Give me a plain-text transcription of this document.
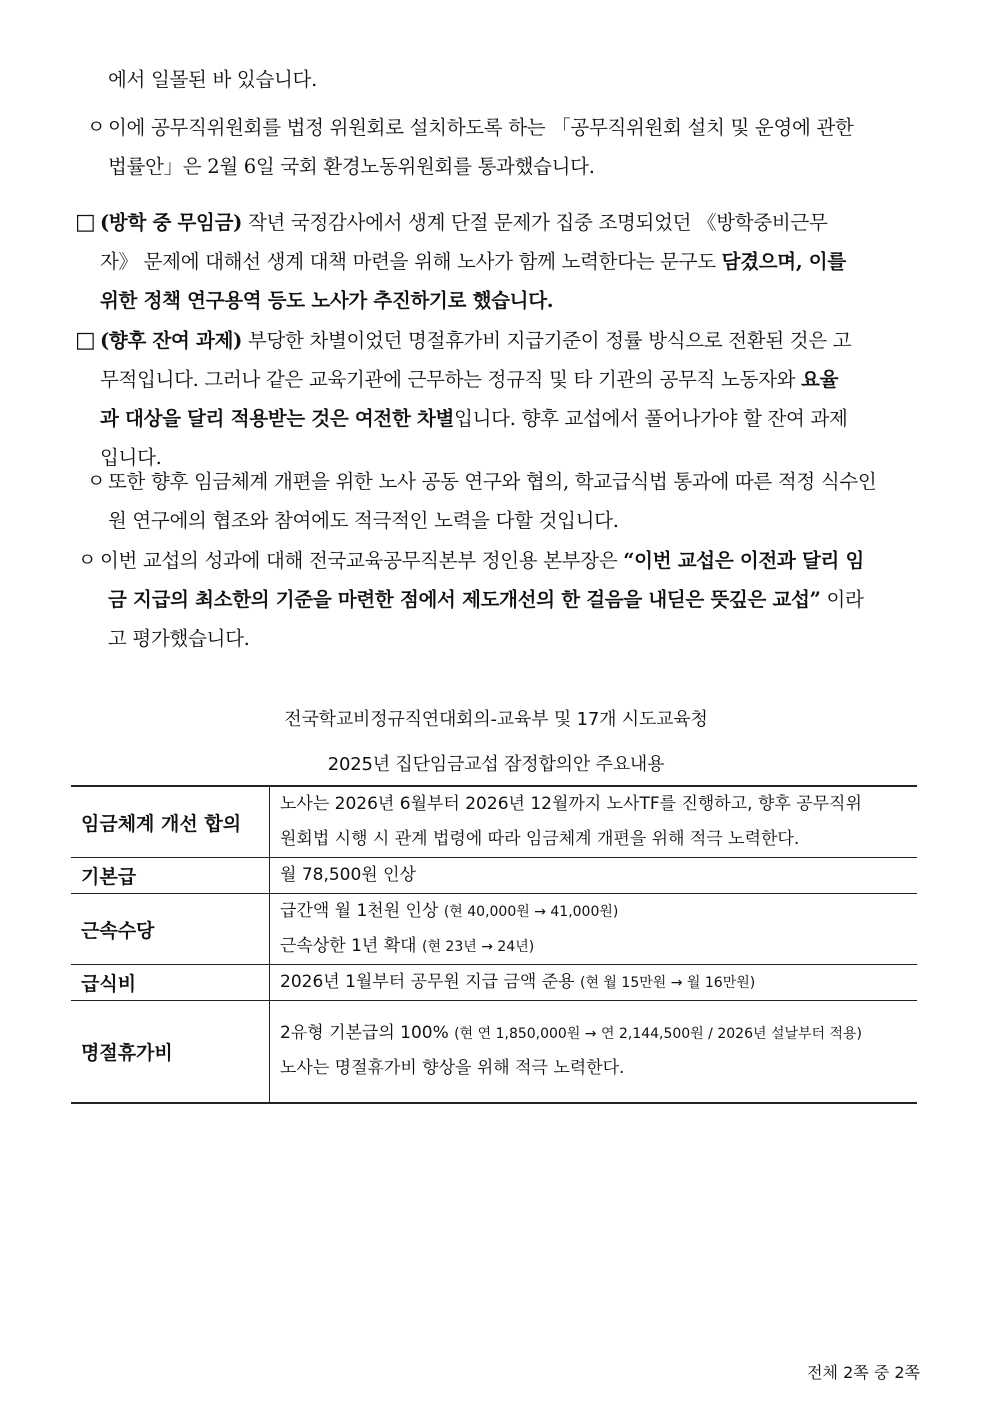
에서 일몰된 바 있습니다.
ㅇ 이에 공무직위원회를 법정 위원회로 설치하도록 하는 「공무직위원회 설치 및 운영에 관한
법률안」은 2월 6일 국회 환경노동위원회를 통과했습니다.
□ (방학 중 무임금) 작년 국정감사에서 생계 단절 문제가 집중 조명되었던 《방학중비근무
자》 문제에 대해선 생계 대책 마련을 위해 노사가 함께 노력한다는 문구도 담겼으며, 이를
위한 정책 연구용역 등도 노사가 추진하기로 했습니다.
□ (향후 잔여 과제) 부당한 차별이었던 명절휴가비 지급기준이 정률 방식으로 전환된 것은 고
무적입니다. 그러나 같은 교육기관에 근무하는 정규직 및 타 기관의 공무직 노동자와 요율
과 대상을 달리 적용받는 것은 여전한 차별입니다. 향후 교섭에서 풀어나가야 할 잔여 과제
입니다.
ㅇ 또한 향후 임금체계 개편을 위한 노사 공동 연구와 협의, 학교급식법 통과에 따른 적정 식수인
원 연구에의 협조와 참여에도 적극적인 노력을 다할 것입니다.
ㅇ 이번 교섭의 성과에 대해 전국교육공무직본부 정인용 본부장은 “이번 교섭은 이전과 달리 임
금 지급의 최소한의 기준을 마련한 점에서 제도개선의 한 걸음을 내딛은 뜻깊은 교섭” 이라
고 평가했습니다.
전국학교비정규직연대회의-교육부 및 17개 시도교육청
2025년 집단임금교섭 잠정합의안 주요내용
임금체계 개선 합의	노사는 2026년 6월부터 2026년 12월까지 노사TF를 진행하고, 향후 공무직위
원회법 시행 시 관계 법령에 따라 임금체계 개편을 위해 적극 노력한다.

기본급	월 78,500원 인상

근속수당	급간액 월 1천원 인상 (현 40,000원 → 41,000원)
근속상한 1년 확대 (현 23년 → 24년)

급식비	2026년 1월부터 공무원 지급 금액 준용 (현 월 15만원 → 월 16만원)

명절휴가비	2유형 기본급의 100% (현 연 1,850,000원 → 연 2,144,500원 / 2026년 설날부터 적용)
노사는 명절휴가비 향상을 위해 적극 노력한다.
전체 2쪽 중 2쪽
